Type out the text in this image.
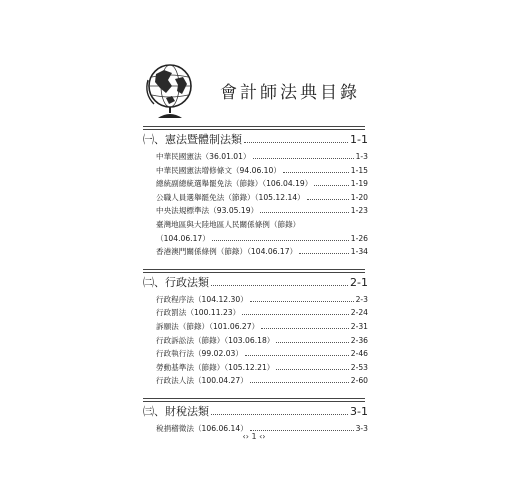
會計師法典目錄
㈠、憲法暨體制法類	1-1
中華民國憲法（36.01.01）	1-3
中華民國憲法增修條文（94.06.10）	1-15
總統副總統選舉罷免法（節錄）（106.04.19）	1-19
公職人員選舉罷免法（節錄）（105.12.14）	1-20
中央法規標準法（93.05.19）	1-23
臺灣地區與大陸地區人民關係條例（節錄）
（104.06.17）	1-26
香港澳門關係條例（節錄）（104.06.17）	1-34
㈡、行政法類	2-1
行政程序法（104.12.30）	2-3
行政罰法（100.11.23）	2-24
訴願法（節錄）（101.06.27）	2-31
行政訴訟法（節錄）（103.06.18）	2-36
行政執行法（99.02.03）	2-46
勞動基準法（節錄）（105.12.21）	2-53
行政法人法（100.04.27）	2-60
㈢、財稅法類	3-1
稅捐稽徵法（106.06.14）	3-3
‹› 1 ‹›
